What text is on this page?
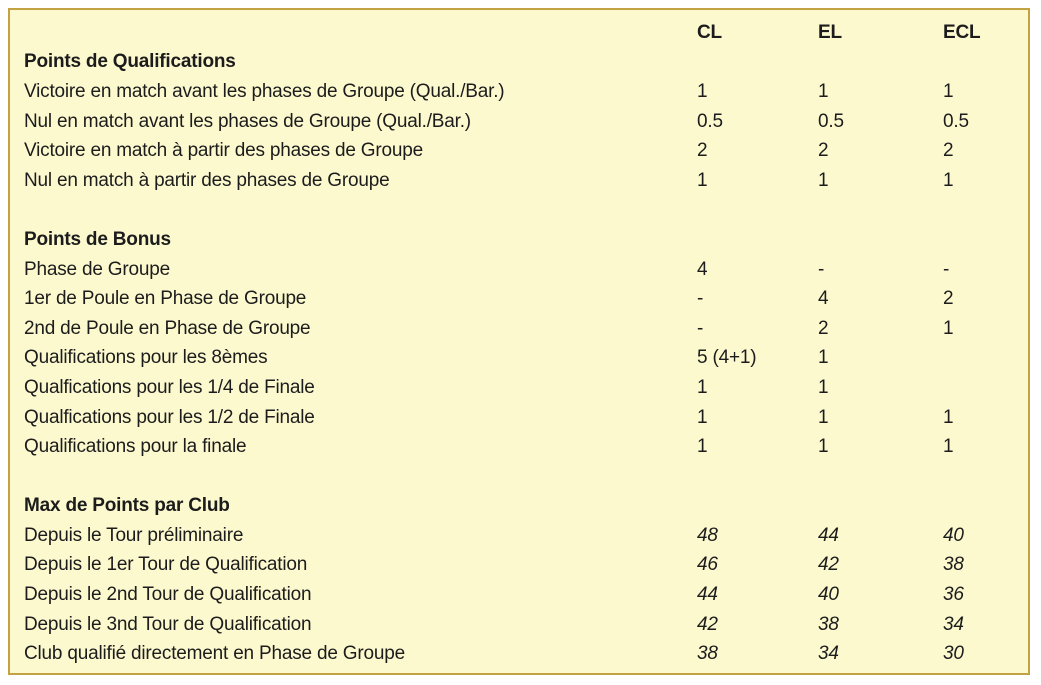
CL	EL	ECL
Points de Qualifications
Victoire en match avant les phases de Groupe (Qual./Bar.)	1	1	1
Nul en match avant les phases de Groupe (Qual./Bar.)	0.5	0.5	0.5
Victoire en match à partir des phases de Groupe	2	2	2
Nul en match à partir des phases de Groupe	1	1	1
Points de Bonus
Phase de Groupe	4	-	-
1er de Poule en Phase de Groupe	-	4	2
2nd de Poule en Phase de Groupe	-	2	1
Qualifications pour les 8èmes	5 (4+1)	1
Qualfications pour les 1/4 de Finale	1	1
Qualfications pour les 1/2 de Finale	1	1	1
Qualifications pour la finale	1	1	1
Max de Points par Club
Depuis le Tour préliminaire	48	44	40
Depuis le 1er Tour de Qualification	46	42	38
Depuis le 2nd Tour de Qualification	44	40	36
Depuis le 3nd Tour de Qualification	42	38	34
Club qualifié directement en Phase de Groupe	38	34	30
